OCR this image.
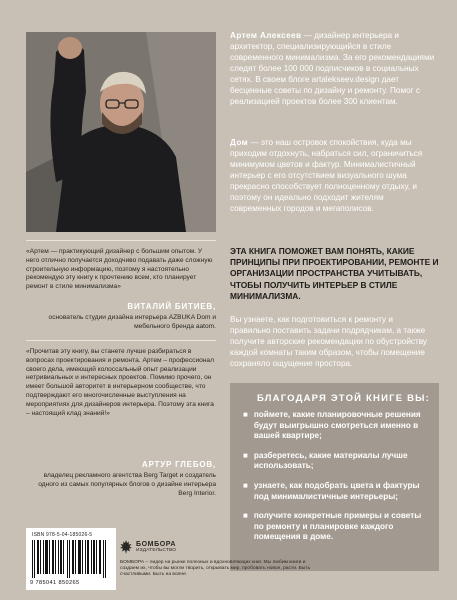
Артем Алексеев — дизайнер интерьера и архитектор, специализирующийся в стиле современного минимализма. За его рекомендациями следят более 100 000 подписчиков в социальных сетях. В своем блоге artalekseev.design дает бесценные советы по дизайну и ремонту. Помог с реализацией проектов более 300 клиентам.

Дом — это наш островок спокойствия, куда мы приходим отдохнуть, набраться сил, ограничиться минимумом цветов и фактур. Минималистичный интерьер с его отсутствием визуального шума прекрасно способствует полноценному отдыху, и поэтому он идеально подходит жителям современных городов и мегаполисов.

ЭТА КНИГА ПОМОЖЕТ ВАМ ПОНЯТЬ, КАКИЕ ПРИНЦИПЫ ПРИ ПРОЕКТИРОВАНИИ, РЕМОНТЕ И ОРГАНИЗАЦИИ ПРОСТРАНСТВА УЧИТЫВАТЬ, ЧТОБЫ ПОЛУЧИТЬ ИНТЕРЬЕР В СТИЛЕ МИНИМАЛИЗМА.

Вы узнаете, как подготовиться к ремонту и правильно поставить задачи подрядчикам, а также получите авторские рекомендации по обустройству каждой комнаты таким образом, чтобы помещение сохраняло ощущение простора.

БЛАГОДАРЯ ЭТОЙ КНИГЕ ВЫ:

■ поймете, какие планировочные решения будут выигрышно смотреться именно в вашей квартире;
■ разберетесь, какие материалы лучше использовать;
■ узнаете, как подобрать цвета и фактуры под минималистичные интерьеры;
■ получите конкретные примеры и советы по ремонту и планировке каждого помещения в доме.

«Артем — практикующий дизайнер с большим опытом. У него отлично получается доходчиво подавать даже сложную строительную информацию, поэтому я настоятельно рекомендую эту книгу к прочтению всем, кто планирует ремонт в стиле минимализма»

ВИТАЛИЙ БИТИЕВ,

основатель студии дизайна интерьера AZBUKA Dom и мебельного бренда aatom.

«Прочитав эту книгу, вы станете лучше разбираться в вопросах проектирования и ремонта. Артем – профессионал своего дела, имеющий колоссальный опыт реализации нетривиальных и интересных проектов. Помимо прочего, он имеет большой авторитет в интерьерном сообществе, что подтверждают его многочисленные выступления на мероприятиях для дизайнеров интерьера. Поэтому эта книга – настоящий клад знаний!»

АРТУР ГЛЕБОВ,

владелец рекламного агентства Berg Target и создатель одного из самых популярных блогов о дизайне интерьера Berg Interior.

ISBN 978-5-04-185026-5
9 785041 850265
БОМБОРА
ИЗДАТЕЛЬСТВО

БОМБОРА – лидер на рынке полезных и вдохновляющих книг. Мы любим книги и создаем их, чтобы вы могли творить, открывать мир, пробовать новое, расти. Быть счастливыми. Быть на волне.
